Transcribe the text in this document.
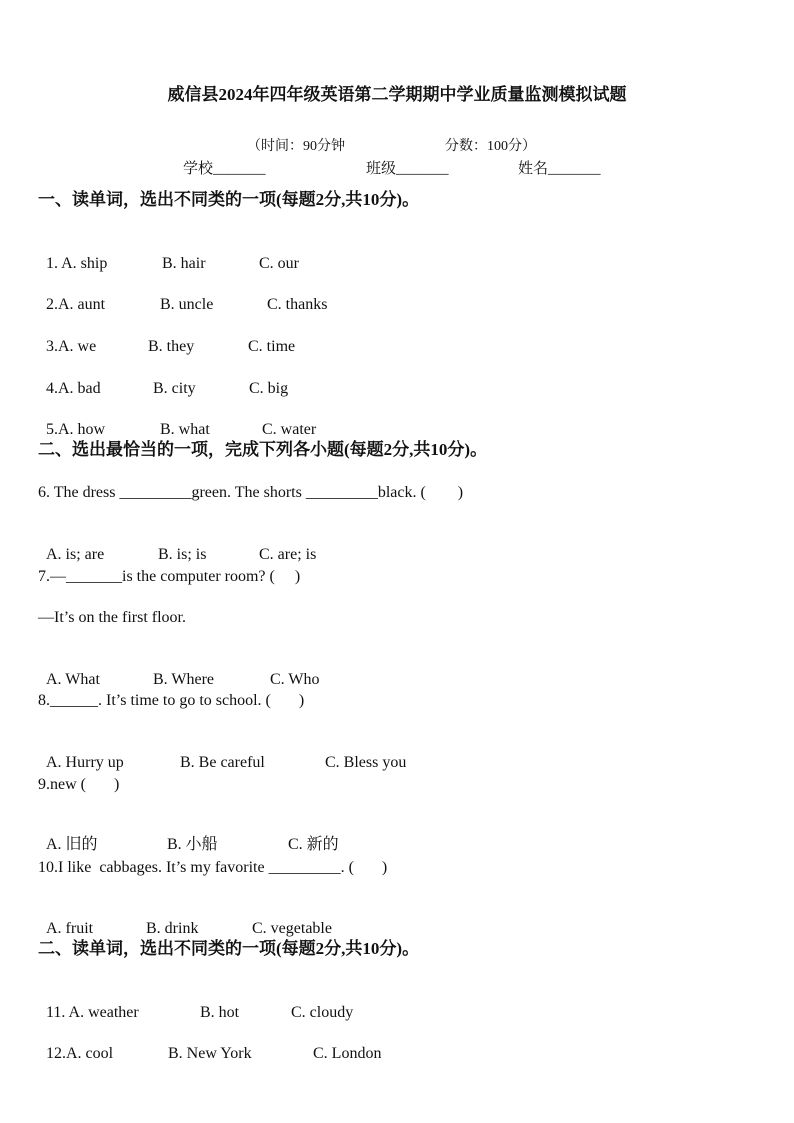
威信县2024年四年级英语第二学期期中学业质量监测模拟试题

（时间：90分钟	分数：100分）

学校_______	班级_______	姓名_______
一、读单词，选出不同类的一项(每题2分,共10分)。

1. A. ship	B. hair	C. our

2.A. aunt	B. uncle	C. thanks

3.A. we	B. they	C. time

4.A. bad	B. city	C. big

5.A. how	B. what	C. water

二、选出最恰当的一项，完成下列各小题(每题2分,共10分)。
6. The dress _________green. The shorts _________black. (        )

A. is; are	B. is; is	C. are; is

7.—_______is the computer room? (     )
—It’s on the first floor.

A. What	B. Where	C. Who

8.______. It’s time to go to school. (       )

A. Hurry up	B. Be careful	C. Bless you

9.new (       )

A. 旧的	B. 小船	C. 新的

10.I like  cabbages. It’s my favorite _________. (       )

A. fruit	B. drink	C. vegetable

二、读单词，选出不同类的一项(每题2分,共10分)。

11. A. weather	B. hot	C. cloudy

12.A. cool	B. New York	C. London
